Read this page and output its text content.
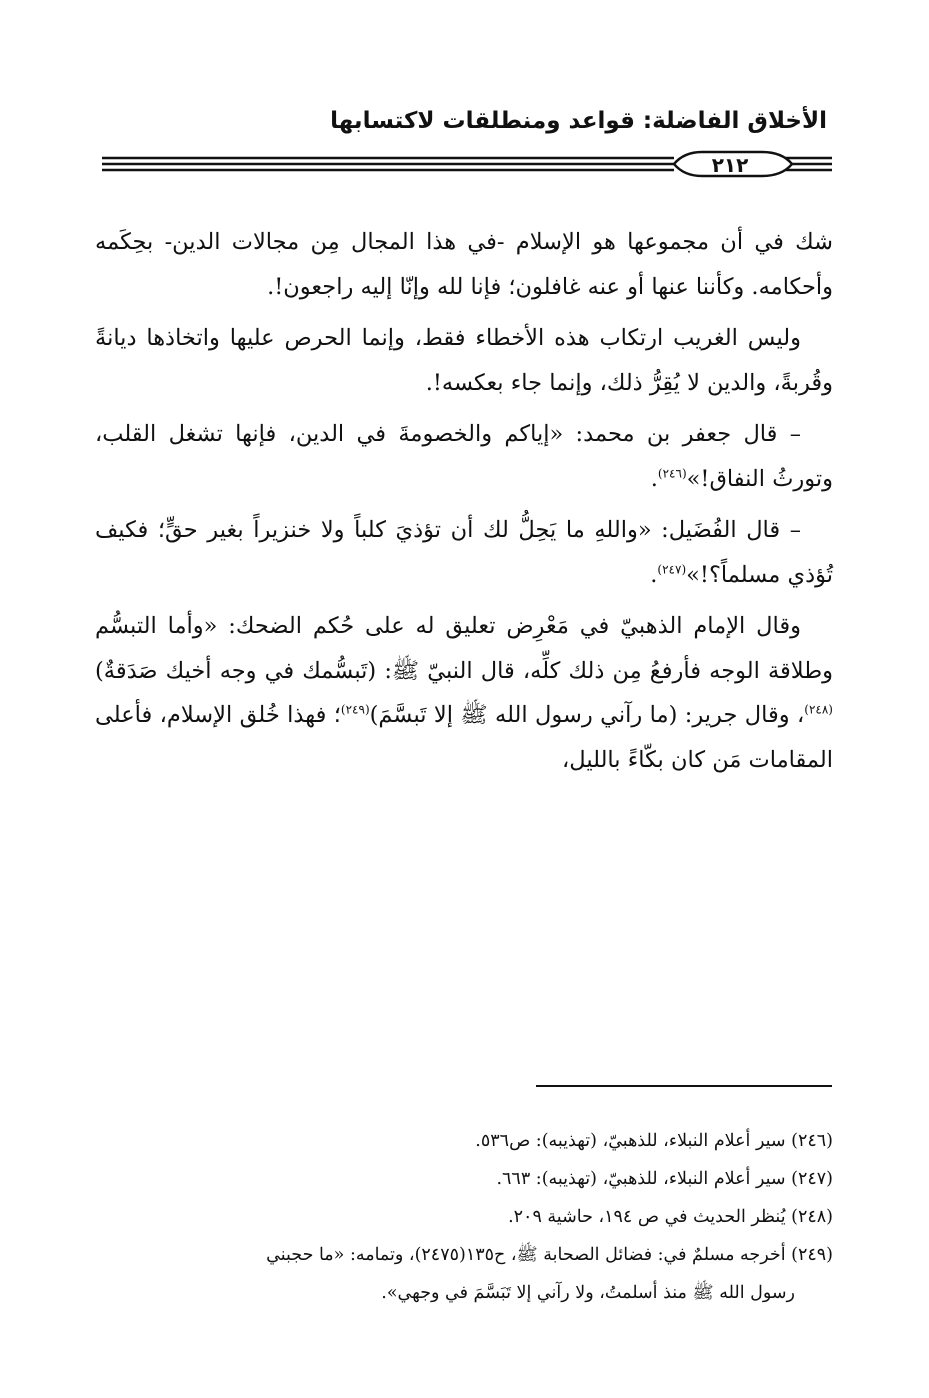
الأخلاق الفاضلة: قواعد ومنطلقات لاكتسابها
٢١٢

شك في أن مجموعها هو الإسلام -في هذا المجال مِن مجالات الدين- بحِكَمه وأحكامه. وكأننا عنها أو عنه غافلون؛ فإنا لله وإنّا إليه راجعون!.

وليس الغريب ارتكاب هذه الأخطاء فقط، وإنما الحرص عليها واتخاذها ديانةً وقُربةً، والدين لا يُقِرُّ ذلك، وإنما جاء بعكسه!.

– قال جعفر بن محمد: «إياكم والخصومةَ في الدين، فإنها تشغل القلب، وتورثُ النفاق!»$^{(٢٤٦)}$.

– قال الفُضَيل: «واللهِ ما يَحِلُّ لك أن تؤذيَ كلباً ولا خنزيراً بغير حقٍّ؛ فكيف تُؤذي مسلماً؟!»$^{(٢٤٧)}$.

وقال الإمام الذهبيّ في مَعْرِض تعليق له على حُكم الضحك: «وأما التبسُّم وطلاقة الوجه فأرفعُ مِن ذلك كلِّه، قال النبيّ ﷺ: (تَبسُّمك في وجه أخيك صَدَقةٌ)$^{(٢٤٨)}$، وقال جرير: (ما رآني رسول الله ﷺ إلا تَبسَّمَ)$^{(٢٤٩)}$؛ فهذا خُلق الإسلام، فأعلى المقامات مَن كان بكّاءً بالليل،

(٢٤٦) سير أعلام النبلاء، للذهبيّ، (تهذيبه): ص٥٣٦.

(٢٤٧) سير أعلام النبلاء، للذهبيّ، (تهذيبه): ٦٦٣.

(٢٤٨) يُنظر الحديث في ص ١٩٤، حاشية ٢٠٩.

(٢٤٩) أخرجه مسلمٌ في: فضائل الصحابة ﷺ، ح١٣٥(٢٤٧٥)، وتمامه: «ما حجبني

رسول الله ﷺ منذ أسلمتُ، ولا رآني إلا تَبَسَّمَ في وجهي».
